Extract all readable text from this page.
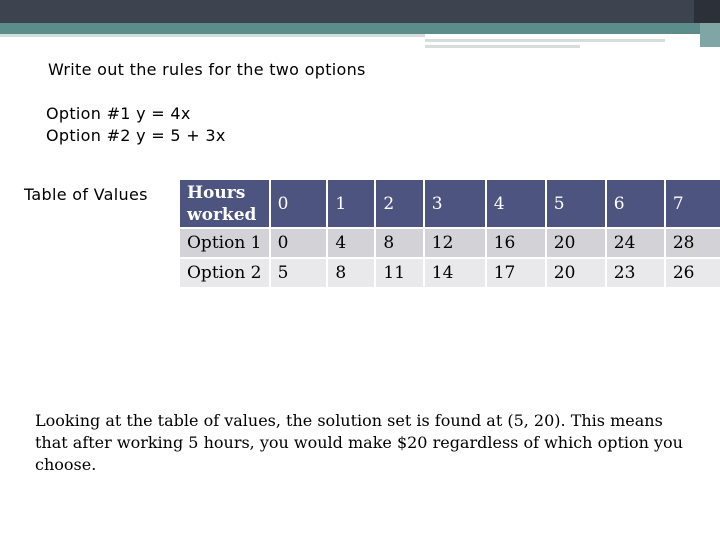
Write out the rules for the two options
Option #1 y = 4x
Option #2 y = 5 + 3x
Table of Values Hours worked	0	1	2	3	4	5	6	7
Option 1	0	4	8	12	16	20	24	28
Option 2	5	8	11	14	17	20	23	26
Looking at the table of values, the solution set is found at (5, 20). This means that after working 5 hours, you would make $20 regardless of which option you choose.
